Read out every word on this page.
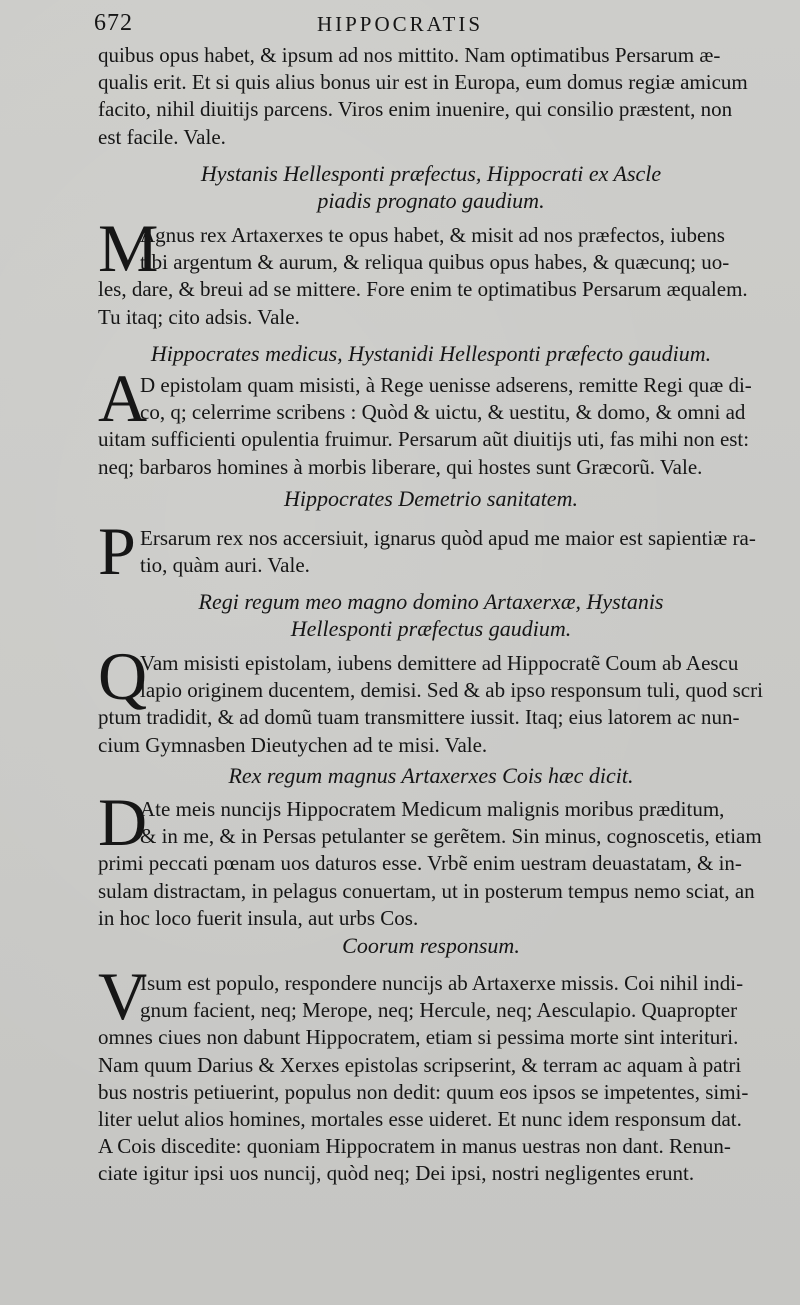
672	HIPPOCRATIS
quibus opus habet, & ipsum ad nos mittito. Nam optimatibus Persarum æ-
qualis erit. Et si quis alius bonus uir est in Europa, eum domus regiæ amicum
facito, nihil diuitijs parcens. Viros enim inuenire, qui consilio præstent, non
est facile. Vale.
Hystanis Hellesponti præfectus, Hippocrati ex Ascle
piadis prognato gaudium.
M
Agnus rex Artaxerxes te opus habet, & misit ad nos præfectos, iubens
tibi argentum & aurum, & reliqua quibus opus habes, & quæcunq; uo-
les, dare, & breui ad se mittere. Fore enim te optimatibus Persarum æqualem.
Tu itaq; cito adsis. Vale.
Hippocrates medicus, Hystanidi Hellesponti præfecto gaudium.
A
D epistolam quam misisti, à Rege uenisse adserens, remitte Regi quæ di-
co, q; celerrime scribens : Quòd & uictu, & uestitu, & domo, & omni ad
uitam sufficienti opulentia fruimur. Persarum aũt diuitijs uti, fas mihi non est:
neq; barbaros homines à morbis liberare, qui hostes sunt Græcorũ. Vale.
Hippocrates Demetrio sanitatem.
P Ersarum rex nos accersiuit, ignarus quòd apud me maior est sapientiæ ra-
tio, quàm auri. Vale.
Regi regum meo magno domino Artaxerxæ, Hystanis
Hellesponti præfectus gaudium.
Q
Vam misisti epistolam, iubens demittere ad Hippocratẽ Coum ab Aescu
lapio originem ducentem, demisi. Sed & ab ipso responsum tuli, quod scri
ptum tradidit, & ad domũ tuam transmittere iussit. Itaq; eius latorem ac nun-
cium Gymnasben Dieutychen ad te misi. Vale.
Rex regum magnus Artaxerxes Cois hæc dicit.
D
Ate meis nuncijs Hippocratem Medicum malignis moribus præditum,
& in me, & in Persas petulanter se gerẽtem. Sin minus, cognoscetis, etiam
primi peccati pœnam uos daturos esse. Vrbẽ enim uestram deuastatam, & in-
sulam distractam, in pelagus conuertam, ut in posterum tempus nemo sciat, an
in hoc loco fuerit insula, aut urbs Cos.
Coorum responsum.
V
Isum est populo, respondere nuncijs ab Artaxerxe missis. Coi nihil indi-
gnum facient, neq; Merope, neq; Hercule, neq; Aesculapio. Quapropter
omnes ciues non dabunt Hippocratem, etiam si pessima morte sint interituri.
Nam quum Darius & Xerxes epistolas scripserint, & terram ac aquam à patri
bus nostris petiuerint, populus non dedit: quum eos ipsos se impetentes, simi-
liter uelut alios homines, mortales esse uideret. Et nunc idem responsum dat.
A Cois discedite: quoniam Hippocratem in manus uestras non dant. Renun-
ciate igitur ipsi uos nuncij, quòd neq; Dei ipsi, nostri negligentes erunt.
